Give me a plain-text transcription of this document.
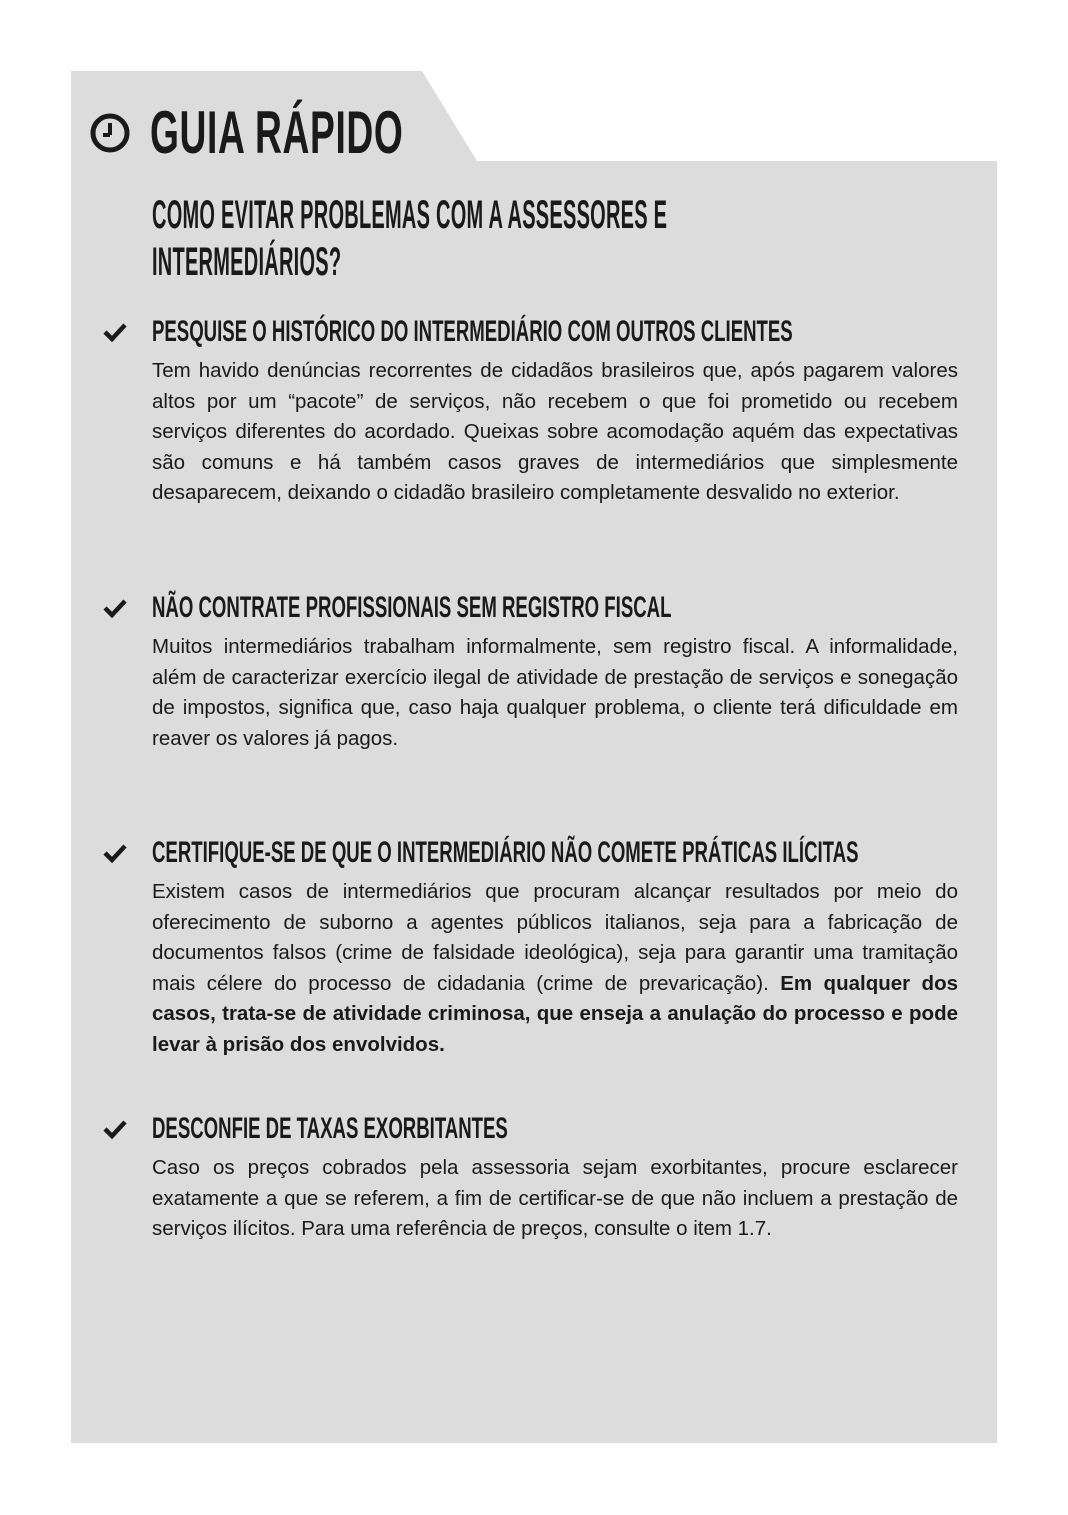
GUIA RÁPIDO
COMO EVITAR PROBLEMAS COM A ASSESSORES E INTERMEDIÁRIOS?
PESQUISE O HISTÓRICO DO INTERMEDIÁRIO COM OUTROS CLIENTES
Tem havido denúncias recorrentes de cidadãos brasileiros que, após pagarem valores altos por um “pacote” de serviços, não recebem o que foi prometido ou recebem serviços diferentes do acordado. Queixas sobre acomodação aquém das expectativas são comuns e há também casos graves de intermediários que simplesmente desaparecem, deixando o cidadão brasileiro completamente desvalido no exterior.
NÃO CONTRATE PROFISSIONAIS SEM REGISTRO FISCAL
Muitos intermediários trabalham informalmente, sem registro fiscal. A informalidade, além de caracterizar exercício ilegal de atividade de prestação de serviços e sonegação de impostos, significa que, caso haja qualquer problema, o cliente terá dificuldade em reaver os valores já pagos.
CERTIFIQUE-SE DE QUE O INTERMEDIÁRIO NÃO COMETE PRÁTICAS ILÍCITAS
Existem casos de intermediários que procuram alcançar resultados por meio do oferecimento de suborno a agentes públicos italianos, seja para a fabricação de documentos falsos (crime de falsidade ideológica), seja para garantir uma tramitação mais célere do processo de cidadania (crime de prevaricação). Em qualquer dos casos, trata-se de atividade criminosa, que enseja a anulação do processo e pode levar à prisão dos envolvidos.
DESCONFIE DE TAXAS EXORBITANTES
Caso os preços cobrados pela assessoria sejam exorbitantes, procure esclarecer exatamente a que se referem, a fim de certificar-se de que não incluem a prestação de serviços ilícitos. Para uma referência de preços, consulte o item 1.7.
